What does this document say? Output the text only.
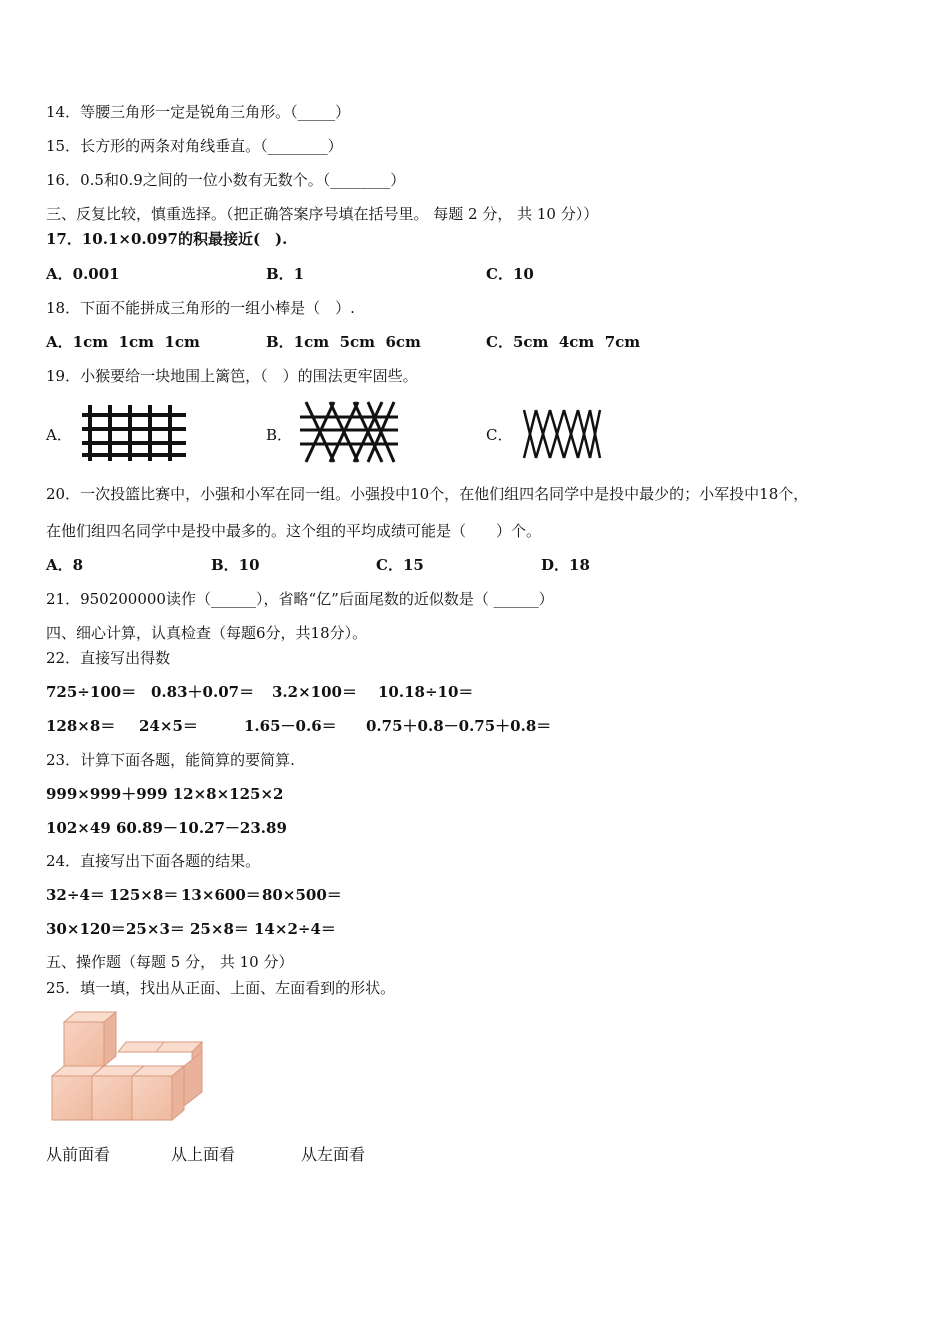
14．等腰三角形一定是锐角三角形。（_____）
15．长方形的两条对角线垂直。（________）
16．0.5和0.9之间的一位小数有无数个。（________）
三、反复比较，慎重选择。（把正确答案序号填在括号里。 每题 2 分， 共 10 分））
17．10.1×0.097的积最接近(　).
A．0.001	B．1	C．10
18．下面不能拼成三角形的一组小棒是（　）.
A．1cm  1cm  1cm	B．1cm  5cm  6cm	C．5cm  4cm  7cm
19．小猴要给一块地围上篱笆，（　）的围法更牢固些。
A．	B．	C．
20．一次投篮比赛中，小强和小军在同一组。小强投中10个，在他们组四名同学中是投中最少的；小军投中18个，
在他们组四名同学中是投中最多的。这个组的平均成绩可能是（　　）个。
A．8	B．10	C．15	D．18
21．950200000读作（______），省略“亿”后面尾数的近似数是（ ______）
四、细心计算，认真检查（每题6分，共18分）。
22．直接写出得数
725÷100＝ 0.83＋0.07＝ 3.2×100＝ 10.18÷10＝
128×8＝ 24×5＝	1.65－0.6＝ 0.75＋0.8－0.75＋0.8＝
23．计算下面各题，能简算的要简算.
999×999＋999 12×8×125×2
102×49 60.89－10.27－23.89
24．直接写出下面各题的结果。
32÷4＝ 125×8＝ 13×600＝ 80×500＝
30×120＝ 25×3＝ 25×8＝ 14×2÷4＝
五、操作题（每题 5 分， 共 10 分）
25．填一填，找出从正面、上面、左面看到的形状。
从前面看	从上面看	从左面看
